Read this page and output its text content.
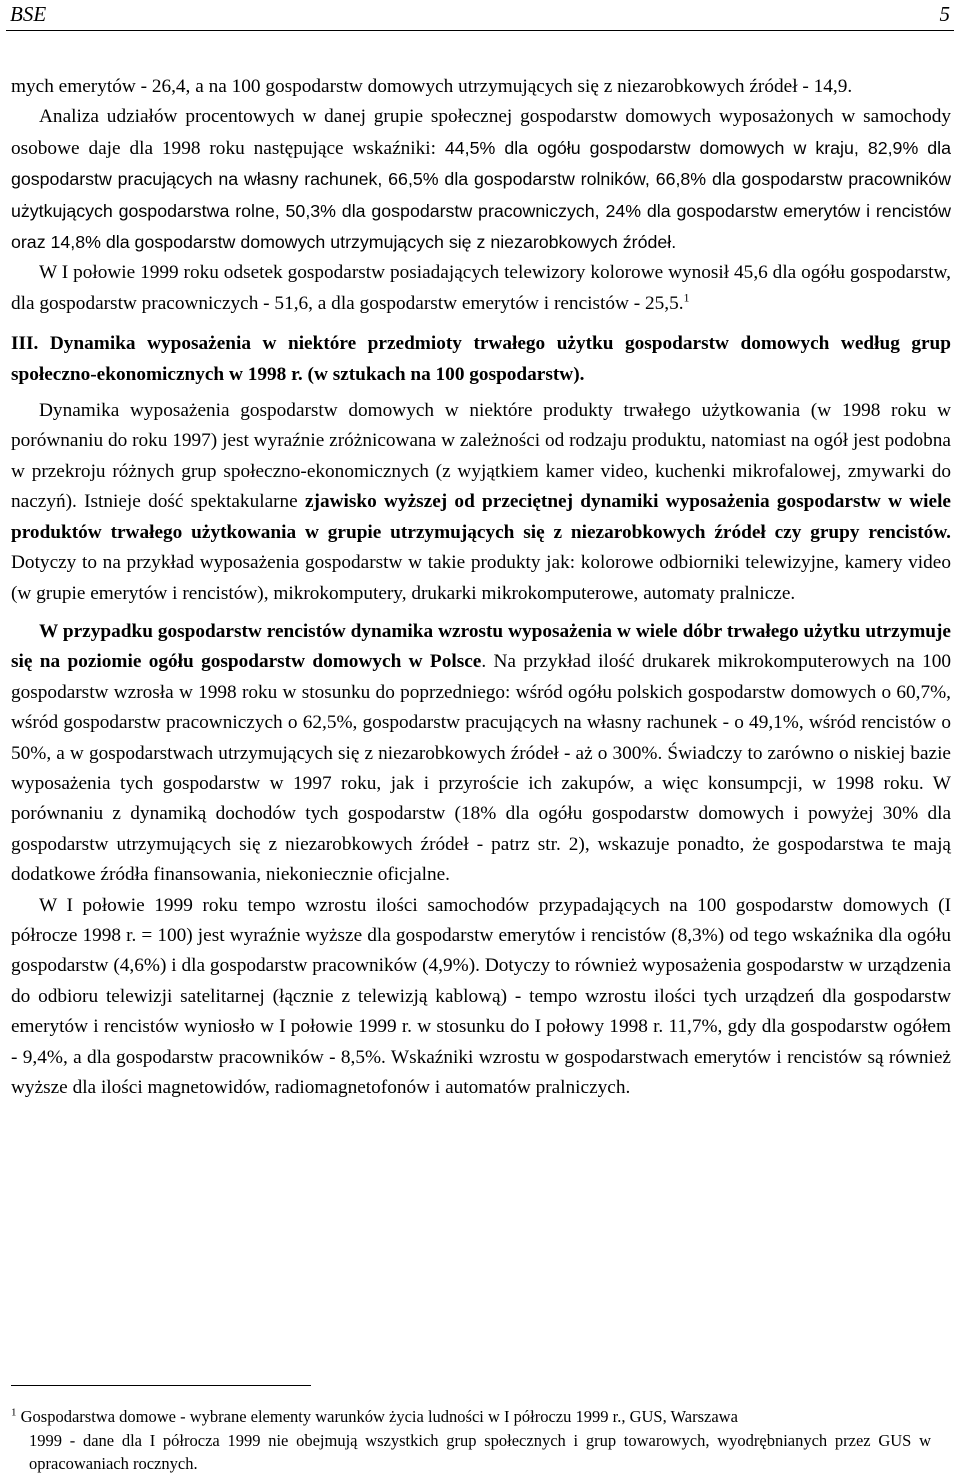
BSE	5

mych emerytów - 26,4, a na 100 gospodarstw domowych utrzymujących się z niezarobkowych źródeł - 14,9.

Analiza udziałów procentowych w danej grupie społecznej gospodarstw domowych wyposażonych w samochody osobowe daje dla 1998 roku następujące wskaźniki: 44,5% dla ogółu gospodarstw domowych w kraju, 82,9% dla gospodarstw pracujących na własny rachunek, 66,5% dla gospodarstw rolników, 66,8% dla gospodarstw pracowników użytkujących gospodarstwa rolne, 50,3% dla gospodarstw pracowniczych, 24% dla gospodarstw emerytów i rencistów oraz 14,8% dla gospodarstw domowych utrzymujących się z niezarobkowych źródeł.

W I połowie 1999 roku odsetek gospodarstw posiadających telewizory kolorowe wynosił 45,6 dla ogółu gospodarstw, dla gospodarstw pracowniczych - 51,6, a dla gospodarstw emerytów i rencistów - 25,5.$^1$

III. Dynamika wyposażenia w niektóre przedmioty trwałego użytku gospodarstw domowych według grup społeczno-ekonomicznych w 1998 r. (w sztukach na 100 gospodarstw).

Dynamika wyposażenia gospodarstw domowych w niektóre produkty trwałego użytkowania (w 1998 roku w porównaniu do roku 1997) jest wyraźnie zróżnicowana w zależności od rodzaju produktu, natomiast na ogół jest podobna w przekroju różnych grup społeczno-ekonomicznych (z wyjątkiem kamer video, kuchenki mikrofalowej, zmywarki do naczyń). Istnieje dość spektakularne zjawisko wyższej od przeciętnej dynamiki wyposażenia gospodarstw w wiele produktów trwałego użytkowania w grupie utrzymujących się z niezarobkowych źródeł czy grupy rencistów. Dotyczy to na przykład wyposażenia gospodarstw w takie produkty jak: kolorowe odbiorniki telewizyjne, kamery video (w grupie emerytów i rencistów), mikrokomputery, drukarki mikrokomputerowe, automaty pralnicze.

W przypadku gospodarstw rencistów dynamika wzrostu wyposażenia w wiele dóbr trwałego użytku utrzymuje się na poziomie ogółu gospodarstw domowych w Polsce. Na przykład ilość drukarek mikrokomputerowych na 100 gospodarstw wzrosła w 1998 roku w stosunku do poprzedniego: wśród ogółu polskich gospodarstw domowych o 60,7%, wśród gospodarstw pracowniczych o 62,5%, gospodarstw pracujących na własny rachunek - o 49,1%, wśród rencistów o 50%, a w gospodarstwach utrzymujących się z niezarobkowych źródeł - aż o 300%. Świadczy to zarówno o niskiej bazie wyposażenia tych gospodarstw w 1997 roku, jak i przyroście ich zakupów, a więc konsumpcji, w 1998 roku. W porównaniu z dynamiką dochodów tych gospodarstw (18% dla ogółu gospodarstw domowych i powyżej 30% dla gospodarstw utrzymujących się z niezarobkowych źródeł - patrz str. 2), wskazuje ponadto, że gospodarstwa te mają dodatkowe źródła finansowania, niekoniecznie oficjalne.

W I połowie 1999 roku tempo wzrostu ilości samochodów przypadających na 100 gospodarstw domowych (I półrocze 1998 r. = 100) jest wyraźnie wyższe dla gospodarstw emerytów i rencistów (8,3%) od tego wskaźnika dla ogółu gospodarstw (4,6%) i dla gospodarstw pracowników (4,9%). Dotyczy to również wyposażenia gospodarstw w urządzenia do odbioru telewizji satelitarnej (łącznie z telewizją kablową) - tempo wzrostu ilości tych urządzeń dla gospodarstw emerytów i rencistów wyniosło w I połowie 1999 r. w stosunku do I połowy 1998 r. 11,7%, gdy dla gospodarstw ogółem - 9,4%, a dla gospodarstw pracowników - 8,5%. Wskaźniki wzrostu w gospodarstwach emerytów i rencistów są również wyższe dla ilości magnetowidów, radiomagnetofonów i automatów pralniczych.

$^1$ Gospodarstwa domowe - wybrane elementy warunków życia ludności w I półroczu 1999 r., GUS, Warszawa
1999 - dane dla I półrocza 1999 nie obejmują wszystkich grup społecznych i grup towarowych, wyodrębnianych przez GUS w opracowaniach rocznych.
